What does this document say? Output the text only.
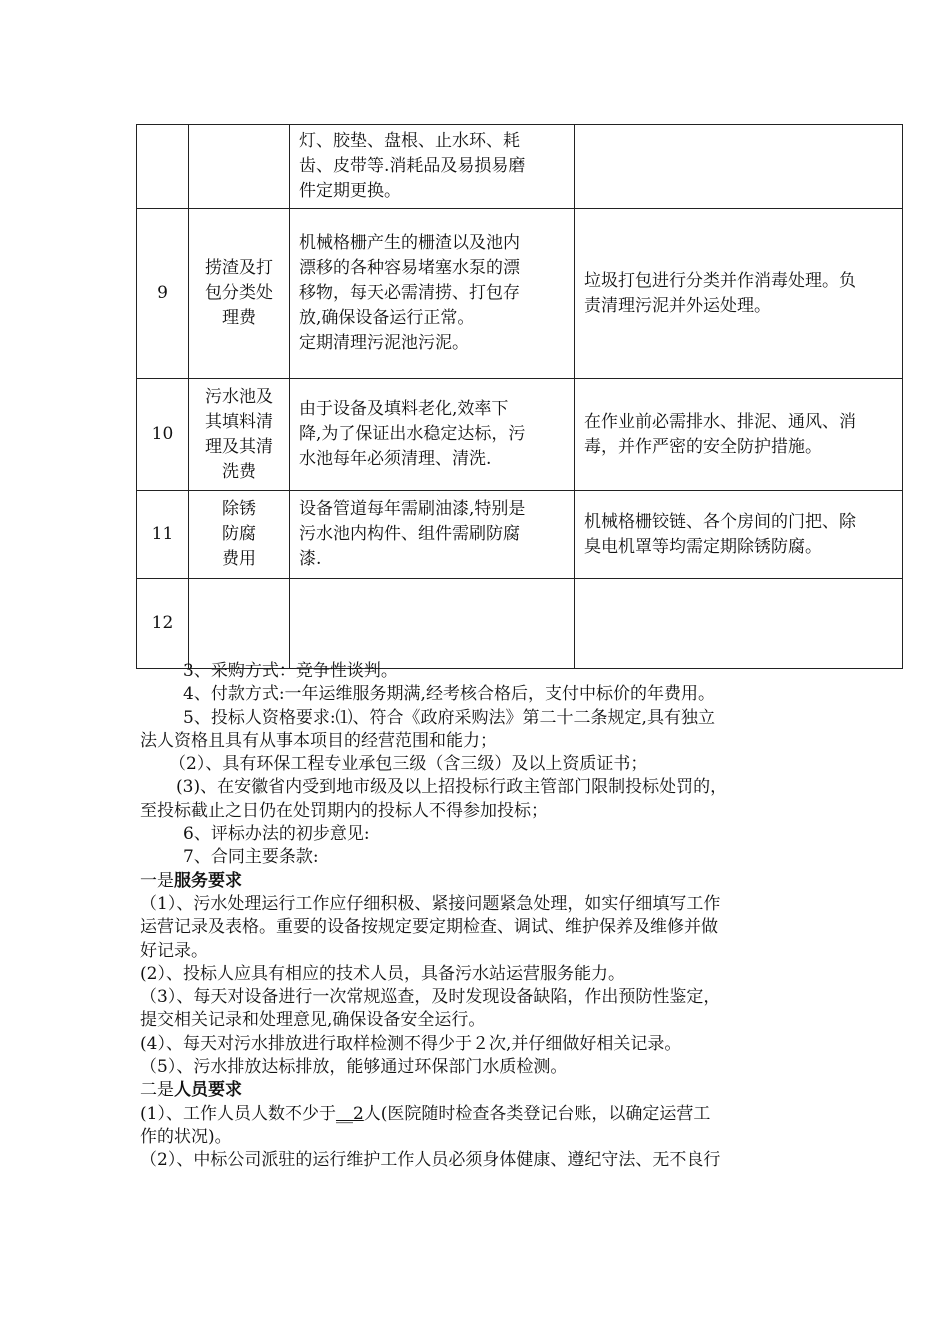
		灯、胶垫、盘根、止水环、耗
齿、皮带等.消耗品及易损易磨
件定期更换。	

9	捞渣及打
包分类处
理费	机械格栅产生的栅渣以及池内
漂移的各种容易堵塞水泵的漂
移物，每天必需清捞、打包存
放,确保设备运行正常。
定期清理污泥池污泥。	垃圾打包进行分类并作消毒处理。负
责清理污泥并外运处理。

10	污水池及
其填料清
理及其清
洗费	由于设备及填料老化,效率下
降,为了保证出水稳定达标，污
水池每年必须清理、清洗.	在作业前必需排水、排泥、通风、消
毒，并作严密的安全防护措施。

11	除锈
防腐
费用	设备管道每年需刷油漆,特别是
污水池内构件、组件需刷防腐
漆.	机械格栅铰链、各个房间的门把、除
臭电机罩等均需定期除锈防腐。

12			
3、采购方式：竞争性谈判。
4、付款方式:一年运维服务期满,经考核合格后，支付中标价的年费用。
5、投标人资格要求:⑴、符合《政府采购法》第二十二条规定,具有独立
法人资格且具有从事本项目的经营范围和能力；
（2）、具有环保工程专业承包三级（含三级）及以上资质证书；
(3)、在安徽省内受到地市级及以上招投标行政主管部门限制投标处罚的，
至投标截止之日仍在处罚期内的投标人不得参加投标；
6、评标办法的初步意见:
7、合同主要条款:
一是服务要求
（1）、污水处理运行工作应仔细积极、紧接问题紧急处理，如实仔细填写工作
运营记录及表格。重要的设备按规定要定期检查、调试、维护保养及维修并做
好记录。
(2）、投标人应具有相应的技术人员，具备污水站运营服务能力。
（3）、每天对设备进行一次常规巡查，及时发现设备缺陷，作出预防性鉴定，
提交相关记录和处理意见,确保设备安全运行。
(4）、每天对污水排放进行取样检测不得少于２次,并仔细做好相关记录。
（5）、污水排放达标排放，能够通过环保部门水质检测。
二是人员要求
(1）、工作人员人数不少于__2人(医院随时检查各类登记台账，以确定运营工
作的状况)。
（2）、中标公司派驻的运行维护工作人员必须身体健康、遵纪守法、无不良行
